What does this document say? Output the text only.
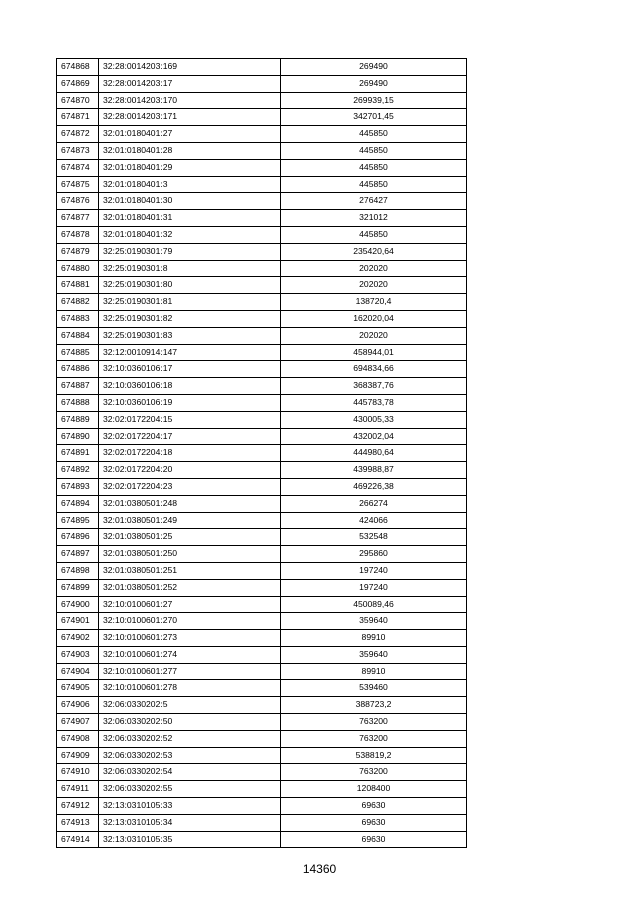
674868	32:28:0014203:169	269490
674869	32:28:0014203:17	269490
674870	32:28:0014203:170	269939,15
674871	32:28:0014203:171	342701,45
674872	32:01:0180401:27	445850
674873	32:01:0180401:28	445850
674874	32:01:0180401:29	445850
674875	32:01:0180401:3	445850
674876	32:01:0180401:30	276427
674877	32:01:0180401:31	321012
674878	32:01:0180401:32	445850
674879	32:25:0190301:79	235420,64
674880	32:25:0190301:8	202020
674881	32:25:0190301:80	202020
674882	32:25:0190301:81	138720,4
674883	32:25:0190301:82	162020,04
674884	32:25:0190301:83	202020
674885	32:12:0010914:147	458944,01
674886	32:10:0360106:17	694834,66
674887	32:10:0360106:18	368387,76
674888	32:10:0360106:19	445783,78
674889	32:02:0172204:15	430005,33
674890	32:02:0172204:17	432002,04
674891	32:02:0172204:18	444980,64
674892	32:02:0172204:20	439988,87
674893	32:02:0172204:23	469226,38
674894	32:01:0380501:248	266274
674895	32:01:0380501:249	424066
674896	32:01:0380501:25	532548
674897	32:01:0380501:250	295860
674898	32:01:0380501:251	197240
674899	32:01:0380501:252	197240
674900	32:10:0100601:27	450089,46
674901	32:10:0100601:270	359640
674902	32:10:0100601:273	89910
674903	32:10:0100601:274	359640
674904	32:10:0100601:277	89910
674905	32:10:0100601:278	539460
674906	32:06:0330202:5	388723,2
674907	32:06:0330202:50	763200
674908	32:06:0330202:52	763200
674909	32:06:0330202:53	538819,2
674910	32:06:0330202:54	763200
674911	32:06:0330202:55	1208400
674912	32:13:0310105:33	69630
674913	32:13:0310105:34	69630
674914	32:13:0310105:35	69630
14360
